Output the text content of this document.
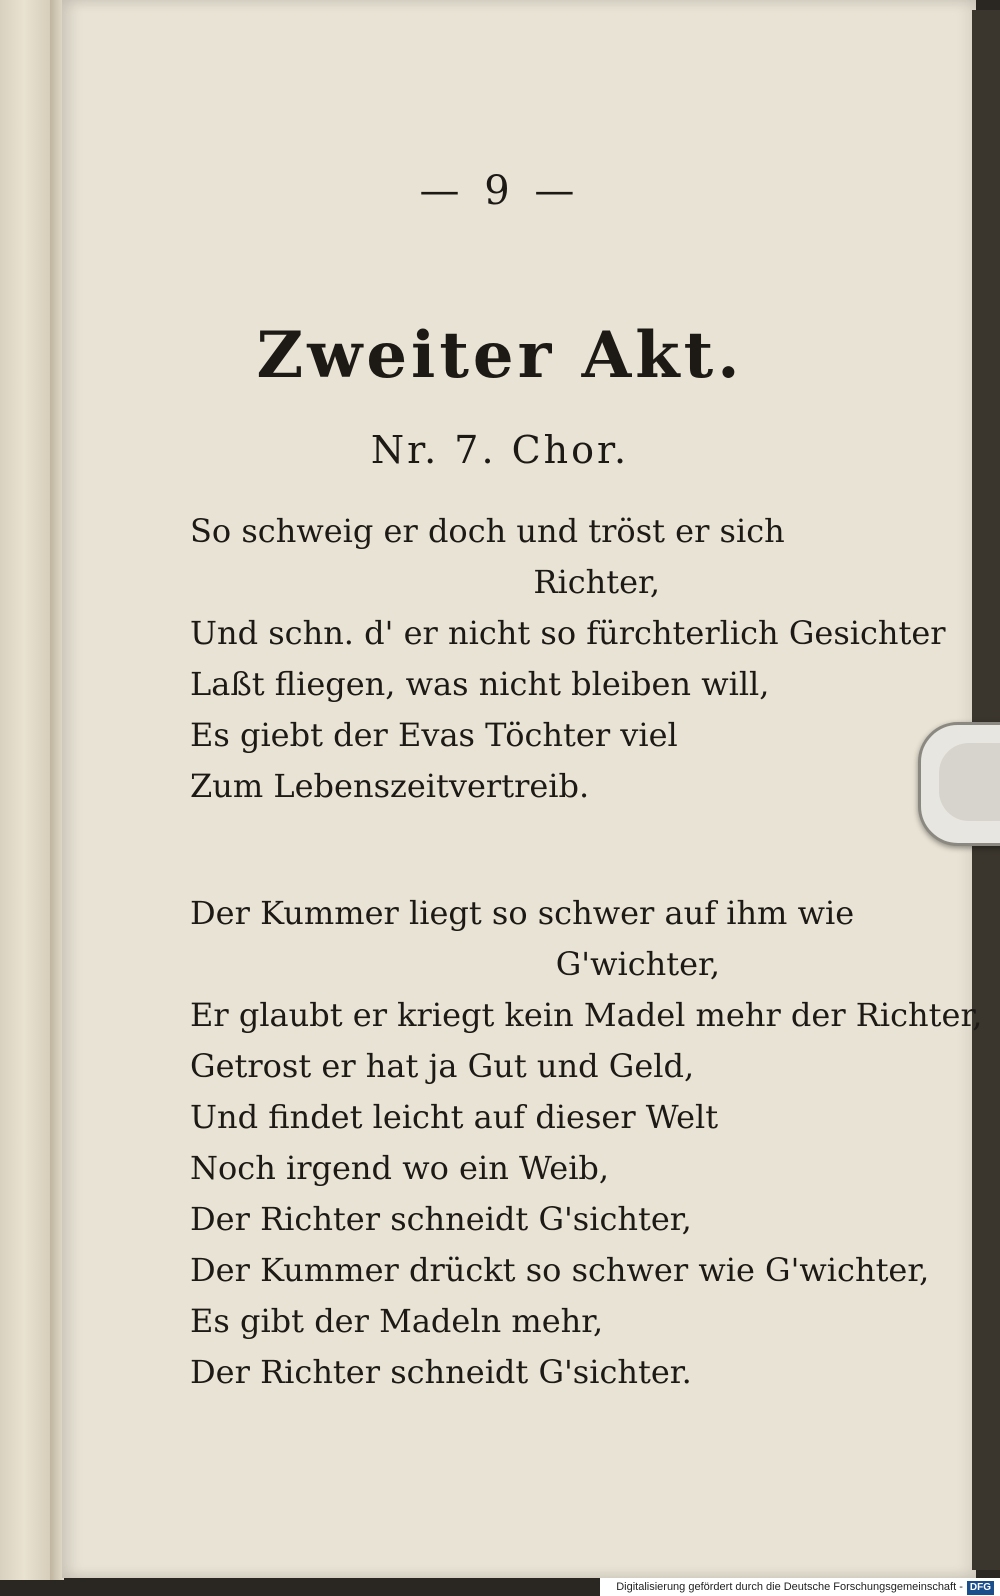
— 9 —
Zweiter Akt.
Nr. 7. Chor.
So schweig er doch und tröst er sich
Richter,
Und schn. d' er nicht so fürchterlich Gesichter
Laßt fliegen, was nicht bleiben will,
Es giebt der Evas Töchter viel
Zum Lebenszeitvertreib.
Der Kummer liegt so schwer auf ihm wie
G'wichter,
Er glaubt er kriegt kein Madel mehr der Richter,
Getrost er hat ja Gut und Geld,
Und findet leicht auf dieser Welt
Noch irgend wo ein Weib,
Der Richter schneidt G'sichter,
Der Kummer drückt so schwer wie G'wichter,
Es gibt der Madeln mehr,
Der Richter schneidt G'sichter.
Digitalisierung gefördert durch die Deutsche Forschungsgemeinschaft - DFG
